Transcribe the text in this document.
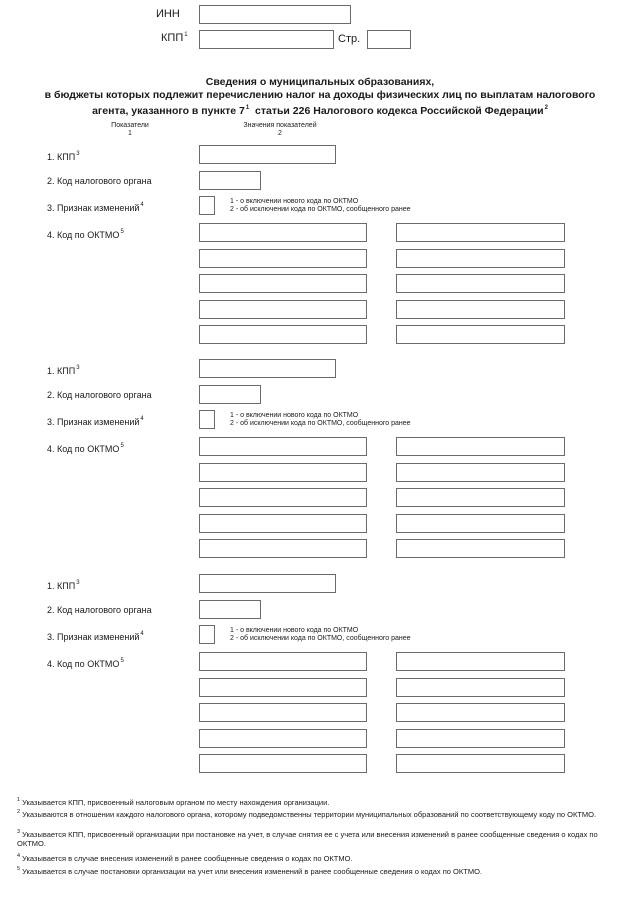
ИНН
КПП$^1$	Стр.
Сведения о муниципальных образованиях,
в бюджеты которых подлежит перечислению налог на доходы физических лиц по выплатам налогового
агента, указанного в пункте $7^1$ статьи 226 Налогового кодекса Российской Федерации$^2$
Показатели
1
Значения показателей
2
1. КПП$^3$
2. Код налогового органа
3. Признак изменений$^4$	1 - о включении нового кода по ОКТМО
2 - об исключении кода по ОКТМО, сообщенного ранее
4. Код по ОКТМО$^5$
1. КПП$^3$
2. Код налогового органа
3. Признак изменений$^4$	1 - о включении нового кода по ОКТМО
2 - об исключении кода по ОКТМО, сообщенного ранее
4. Код по ОКТМО$^5$
1. КПП$^3$
2. Код налогового органа
3. Признак изменений$^4$	1 - о включении нового кода по ОКТМО
2 - об исключении кода по ОКТМО, сообщенного ранее
4. Код по ОКТМО$^5$
$^1$ Указывается КПП, присвоенный налоговым органом по месту нахождения организации.
$^2$ Указываются в отношении каждого налогового органа, которому подведомственны территории муниципальных образований по соответствующему коду по ОКТМО.
$^3$ Указывается КПП, присвоенный организации при постановке на учет, в случае снятия ее с учета или внесения изменений в ранее сообщенные сведения о кодах по ОКТМО.
$^4$ Указывается в случае внесения изменений в ранее сообщенные сведения о кодах по ОКТМО.
$^5$ Указывается в случае постановки организации на учет или внесения изменений в ранее сообщенные сведения о кодах по ОКТМО.
